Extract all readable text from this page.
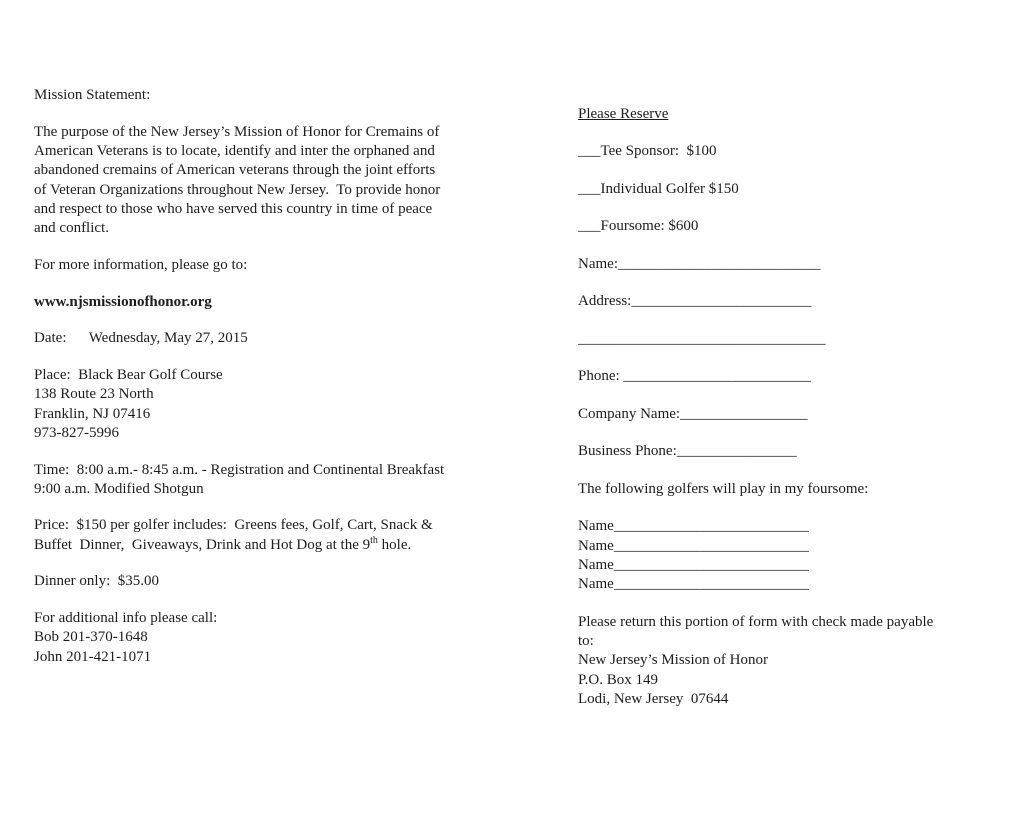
Mission Statement:
The purpose of the New Jersey’s Mission of Honor for Cremains of
American Veterans is to locate, identify and inter the orphaned and
abandoned cremains of American veterans through the joint efforts
of Veteran Organizations throughout New Jersey.  To provide honor
and respect to those who have served this country in time of peace
and conflict.
For more information, please go to:
www.njsmissionofhonor.org
Date:      Wednesday, May 27, 2015
Place:  Black Bear Golf Course
138 Route 23 North
Franklin, NJ 07416
973-827-5996
Time:  8:00 a.m.- 8:45 a.m. - Registration and Continental Breakfast
9:00 a.m. Modified Shotgun
Price:  $150 per golfer includes:  Greens fees, Golf, Cart, Snack &
Buffet  Dinner,  Giveaways, Drink and Hot Dog at the 9th hole.
Dinner only:  $35.00
For additional info please call:
Bob 201-370-1648
John 201-421-1071
Please Reserve
___Tee Sponsor:  $100
___Individual Golfer $150
___Foursome: $600
Name:___________________________
Address:________________________
_________________________________
Phone: _________________________
Company Name:_________________
Business Phone:________________
The following golfers will play in my foursome:
Name__________________________
Name__________________________
Name__________________________
Name__________________________
Please return this portion of form with check made payable
to:
New Jersey’s Mission of Honor
P.O. Box 149
Lodi, New Jersey  07644
